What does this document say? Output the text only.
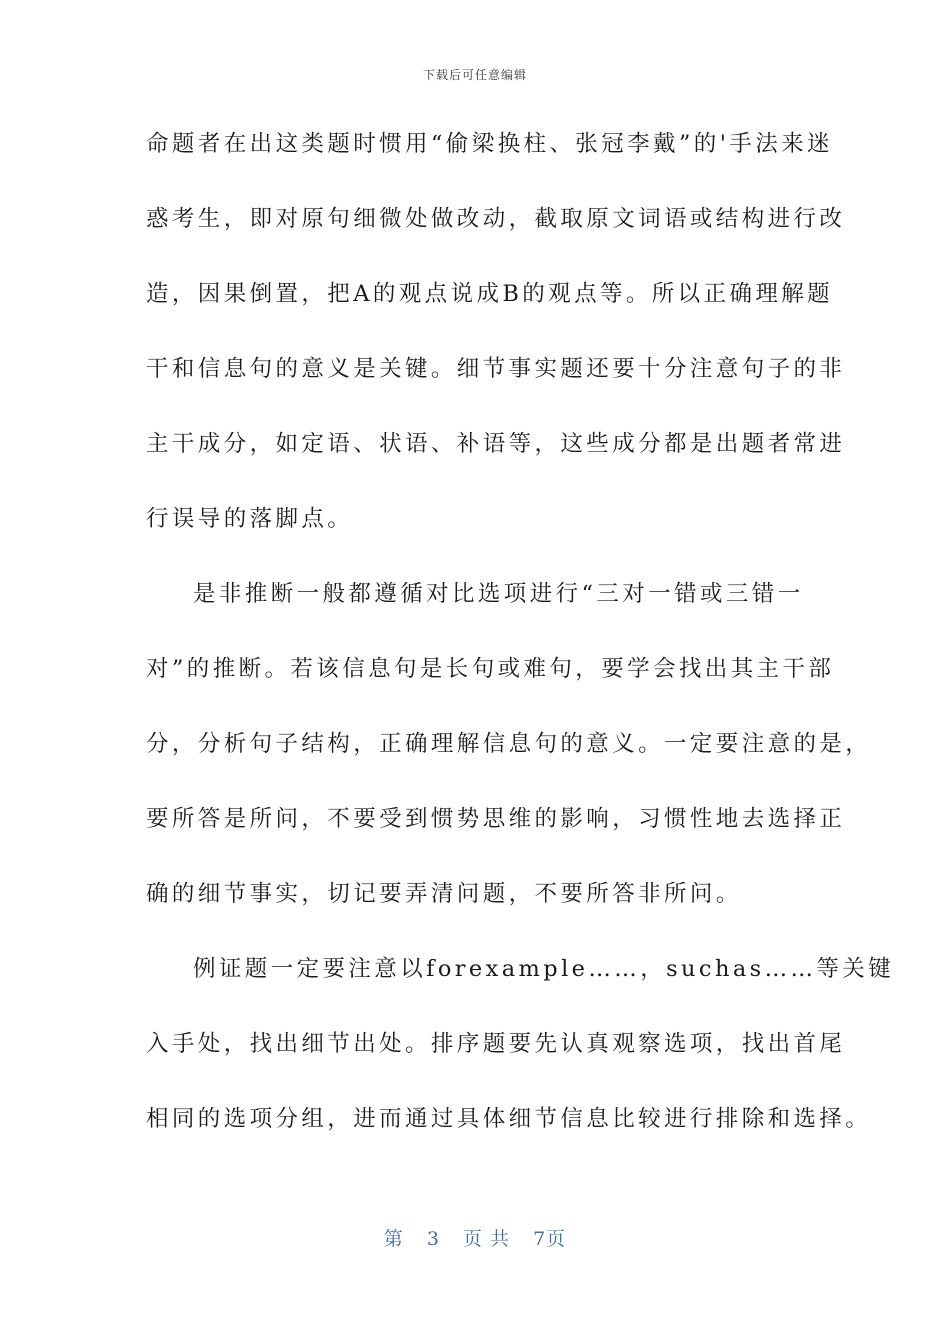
下载后可任意编辑
命题者在出这类题时惯用“偷梁换柱、张冠李戴”的'手法来迷
惑考生，即对原句细微处做改动，截取原文词语或结构进行改
造，因果倒置，把A的观点说成B的观点等。所以正确理解题
干和信息句的意义是关键。细节事实题还要十分注意句子的非
主干成分，如定语、状语、补语等，这些成分都是出题者常进
行误导的落脚点。
是非推断一般都遵循对比选项进行“三对一错或三错一
对”的推断。若该信息句是长句或难句，要学会找出其主干部
分，分析句子结构，正确理解信息句的意义。一定要注意的是，
要所答是所问，不要受到惯势思维的影响，习惯性地去选择正
确的细节事实，切记要弄清问题，不要所答非所问。
例证题一定要注意以forexample……，suchas……等关键
入手处，找出细节出处。排序题要先认真观察选项，找出首尾
相同的选项分组，进而通过具体细节信息比较进行排除和选择。
第 3 页 共 7页
